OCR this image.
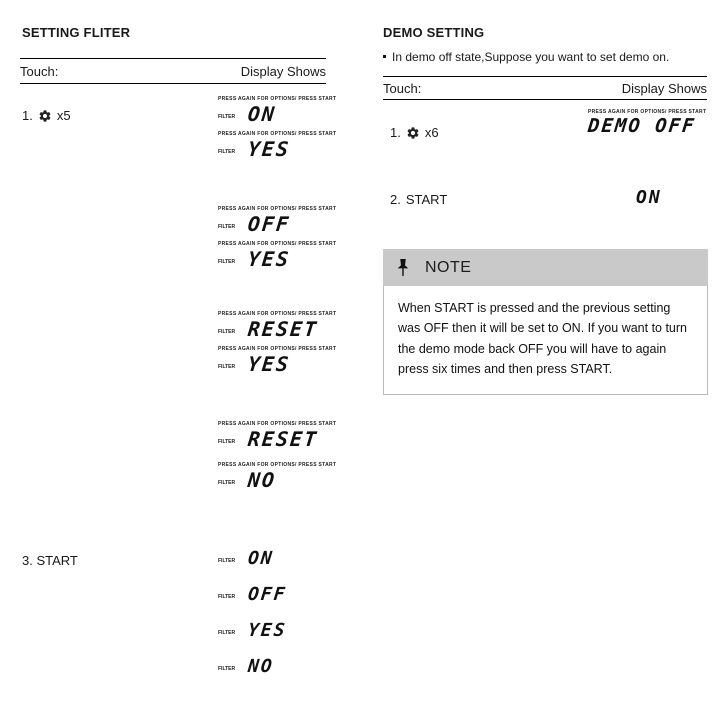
SETTING FLITER
Touch:	Display Shows
1. x5
PRESS AGAIN FOR OPTIONS/ PRESS START
FILTER ON
PRESS AGAIN FOR OPTIONS/ PRESS START
FILTER YES
PRESS AGAIN FOR OPTIONS/ PRESS START
FILTER OFF
PRESS AGAIN FOR OPTIONS/ PRESS START
FILTER YES
PRESS AGAIN FOR OPTIONS/ PRESS START
FILTER RESET
PRESS AGAIN FOR OPTIONS/ PRESS START
FILTER YES
PRESS AGAIN FOR OPTIONS/ PRESS START
FILTER RESET
PRESS AGAIN FOR OPTIONS/ PRESS START
FILTER NO
3. START	FILTER ON
FILTER OFF
FILTER YES
FILTER NO
DEMO SETTING
In demo off state,Suppose you want to set demo on.
Touch:	Display Shows
1. x6
PRESS AGAIN FOR OPTIONS/ PRESS START
DEMO OFF
2. START	ON
NOTE
When START is pressed and the previous setting was OFF then it will be set to ON. If you want to turn the demo mode back OFF you will have to again press six times and then press START.
